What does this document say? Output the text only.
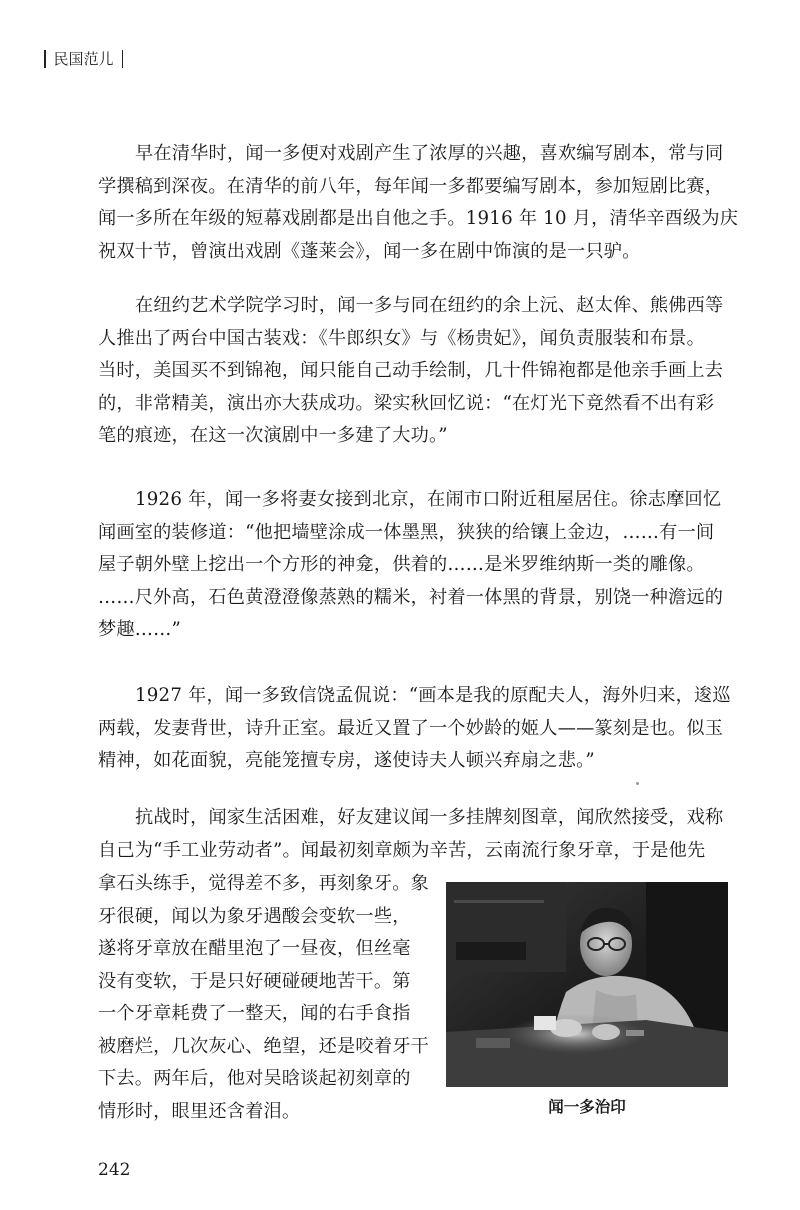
民国范儿

早在清华时，闻一多便对戏剧产生了浓厚的兴趣，喜欢编写剧本，常与同
学撰稿到深夜。在清华的前八年，每年闻一多都要编写剧本，参加短剧比赛，
闻一多所在年级的短幕戏剧都是出自他之手。1916 年 10 月，清华辛酉级为庆
祝双十节，曾演出戏剧《蓬莱会》，闻一多在剧中饰演的是一只驴。

在纽约艺术学院学习时，闻一多与同在纽约的余上沅、赵太侔、熊佛西等
人推出了两台中国古装戏：《牛郎织女》与《杨贵妃》，闻负责服装和布景。
当时，美国买不到锦袍，闻只能自己动手绘制，几十件锦袍都是他亲手画上去
的，非常精美，演出亦大获成功。梁实秋回忆说：“在灯光下竟然看不出有彩
笔的痕迹，在这一次演剧中一多建了大功。”

1926 年，闻一多将妻女接到北京，在闹市口附近租屋居住。徐志摩回忆
闻画室的装修道：“他把墙壁涂成一体墨黑，狭狭的给镶上金边，……有一间
屋子朝外壁上挖出一个方形的神龛，供着的……是米罗维纳斯一类的雕像。
……尺外高，石色黄澄澄像蒸熟的糯米，衬着一体黑的背景，别饶一种澹远的
梦趣……”

1927 年，闻一多致信饶孟侃说：“画本是我的原配夫人，海外归来，逡巡
两载，发妻背世，诗升正室。最近又置了一个妙龄的姬人——篆刻是也。似玉
精神，如花面貌，亮能笼擅专房，遂使诗夫人顿兴弃扇之悲。”

抗战时，闻家生活困难，好友建议闻一多挂牌刻图章，闻欣然接受，戏称
自己为“手工业劳动者”。闻最初刻章颇为辛苦，云南流行象牙章，于是他先

拿石头练手，觉得差不多，再刻象牙。象
牙很硬，闻以为象牙遇酸会变软一些，
遂将牙章放在醋里泡了一昼夜，但丝毫
没有变软，于是只好硬碰硬地苦干。第
一个牙章耗费了一整天，闻的右手食指
被磨烂，几次灰心、绝望，还是咬着牙干
下去。两年后，他对吴晗谈起初刻章的
情形时，眼里还含着泪。	闻一多治印
242
